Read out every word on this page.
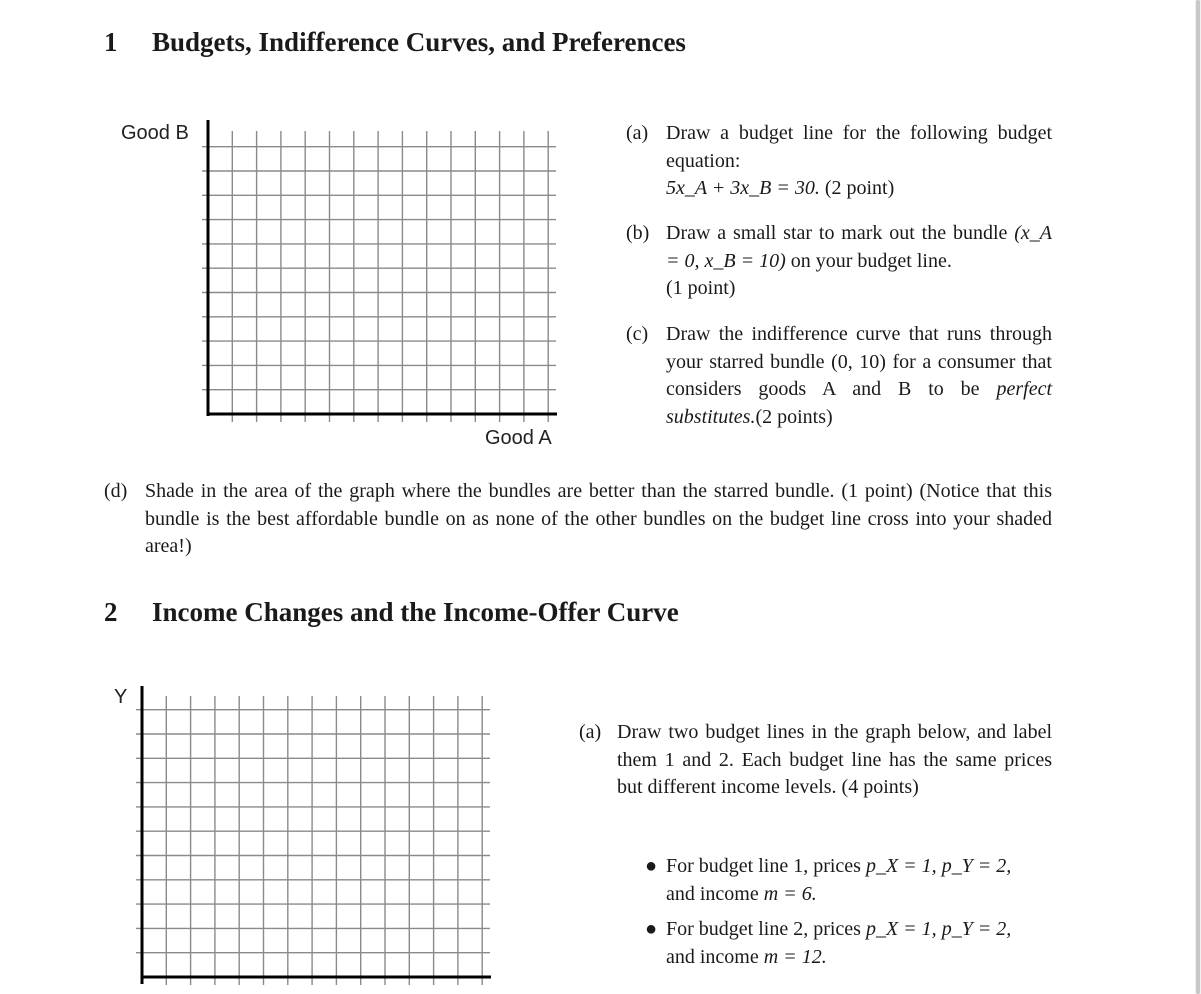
1 Budgets, Indifference Curves, and Preferences
Good B
Good A
(a) Draw a budget line for the following budget equation:
5x_A + 3x_B = 30. (2 point)
(b) Draw a small star to mark out the bundle (x_A = 0, x_B = 10) on your budget line.
(1 point)
(c) Draw the indifference curve that runs through your starred bundle (0, 10) for a consumer that considers goods A and B to be perfect substitutes.(2 points)
(d) Shade in the area of the graph where the bundles are better than the starred bundle. (1 point) (Notice that this bundle is the best affordable bundle on as none of the other bundles on the budget line cross into your shaded area!)
2 Income Changes and the Income-Offer Curve
Y
(a) Draw two budget lines in the graph below, and label them 1 and 2. Each budget line has the same prices but different income levels. (4 points)
● For budget line 1, prices p_X = 1, p_Y = 2,
and income m = 6.
● For budget line 2, prices p_X = 1, p_Y = 2,
and income m = 12.
